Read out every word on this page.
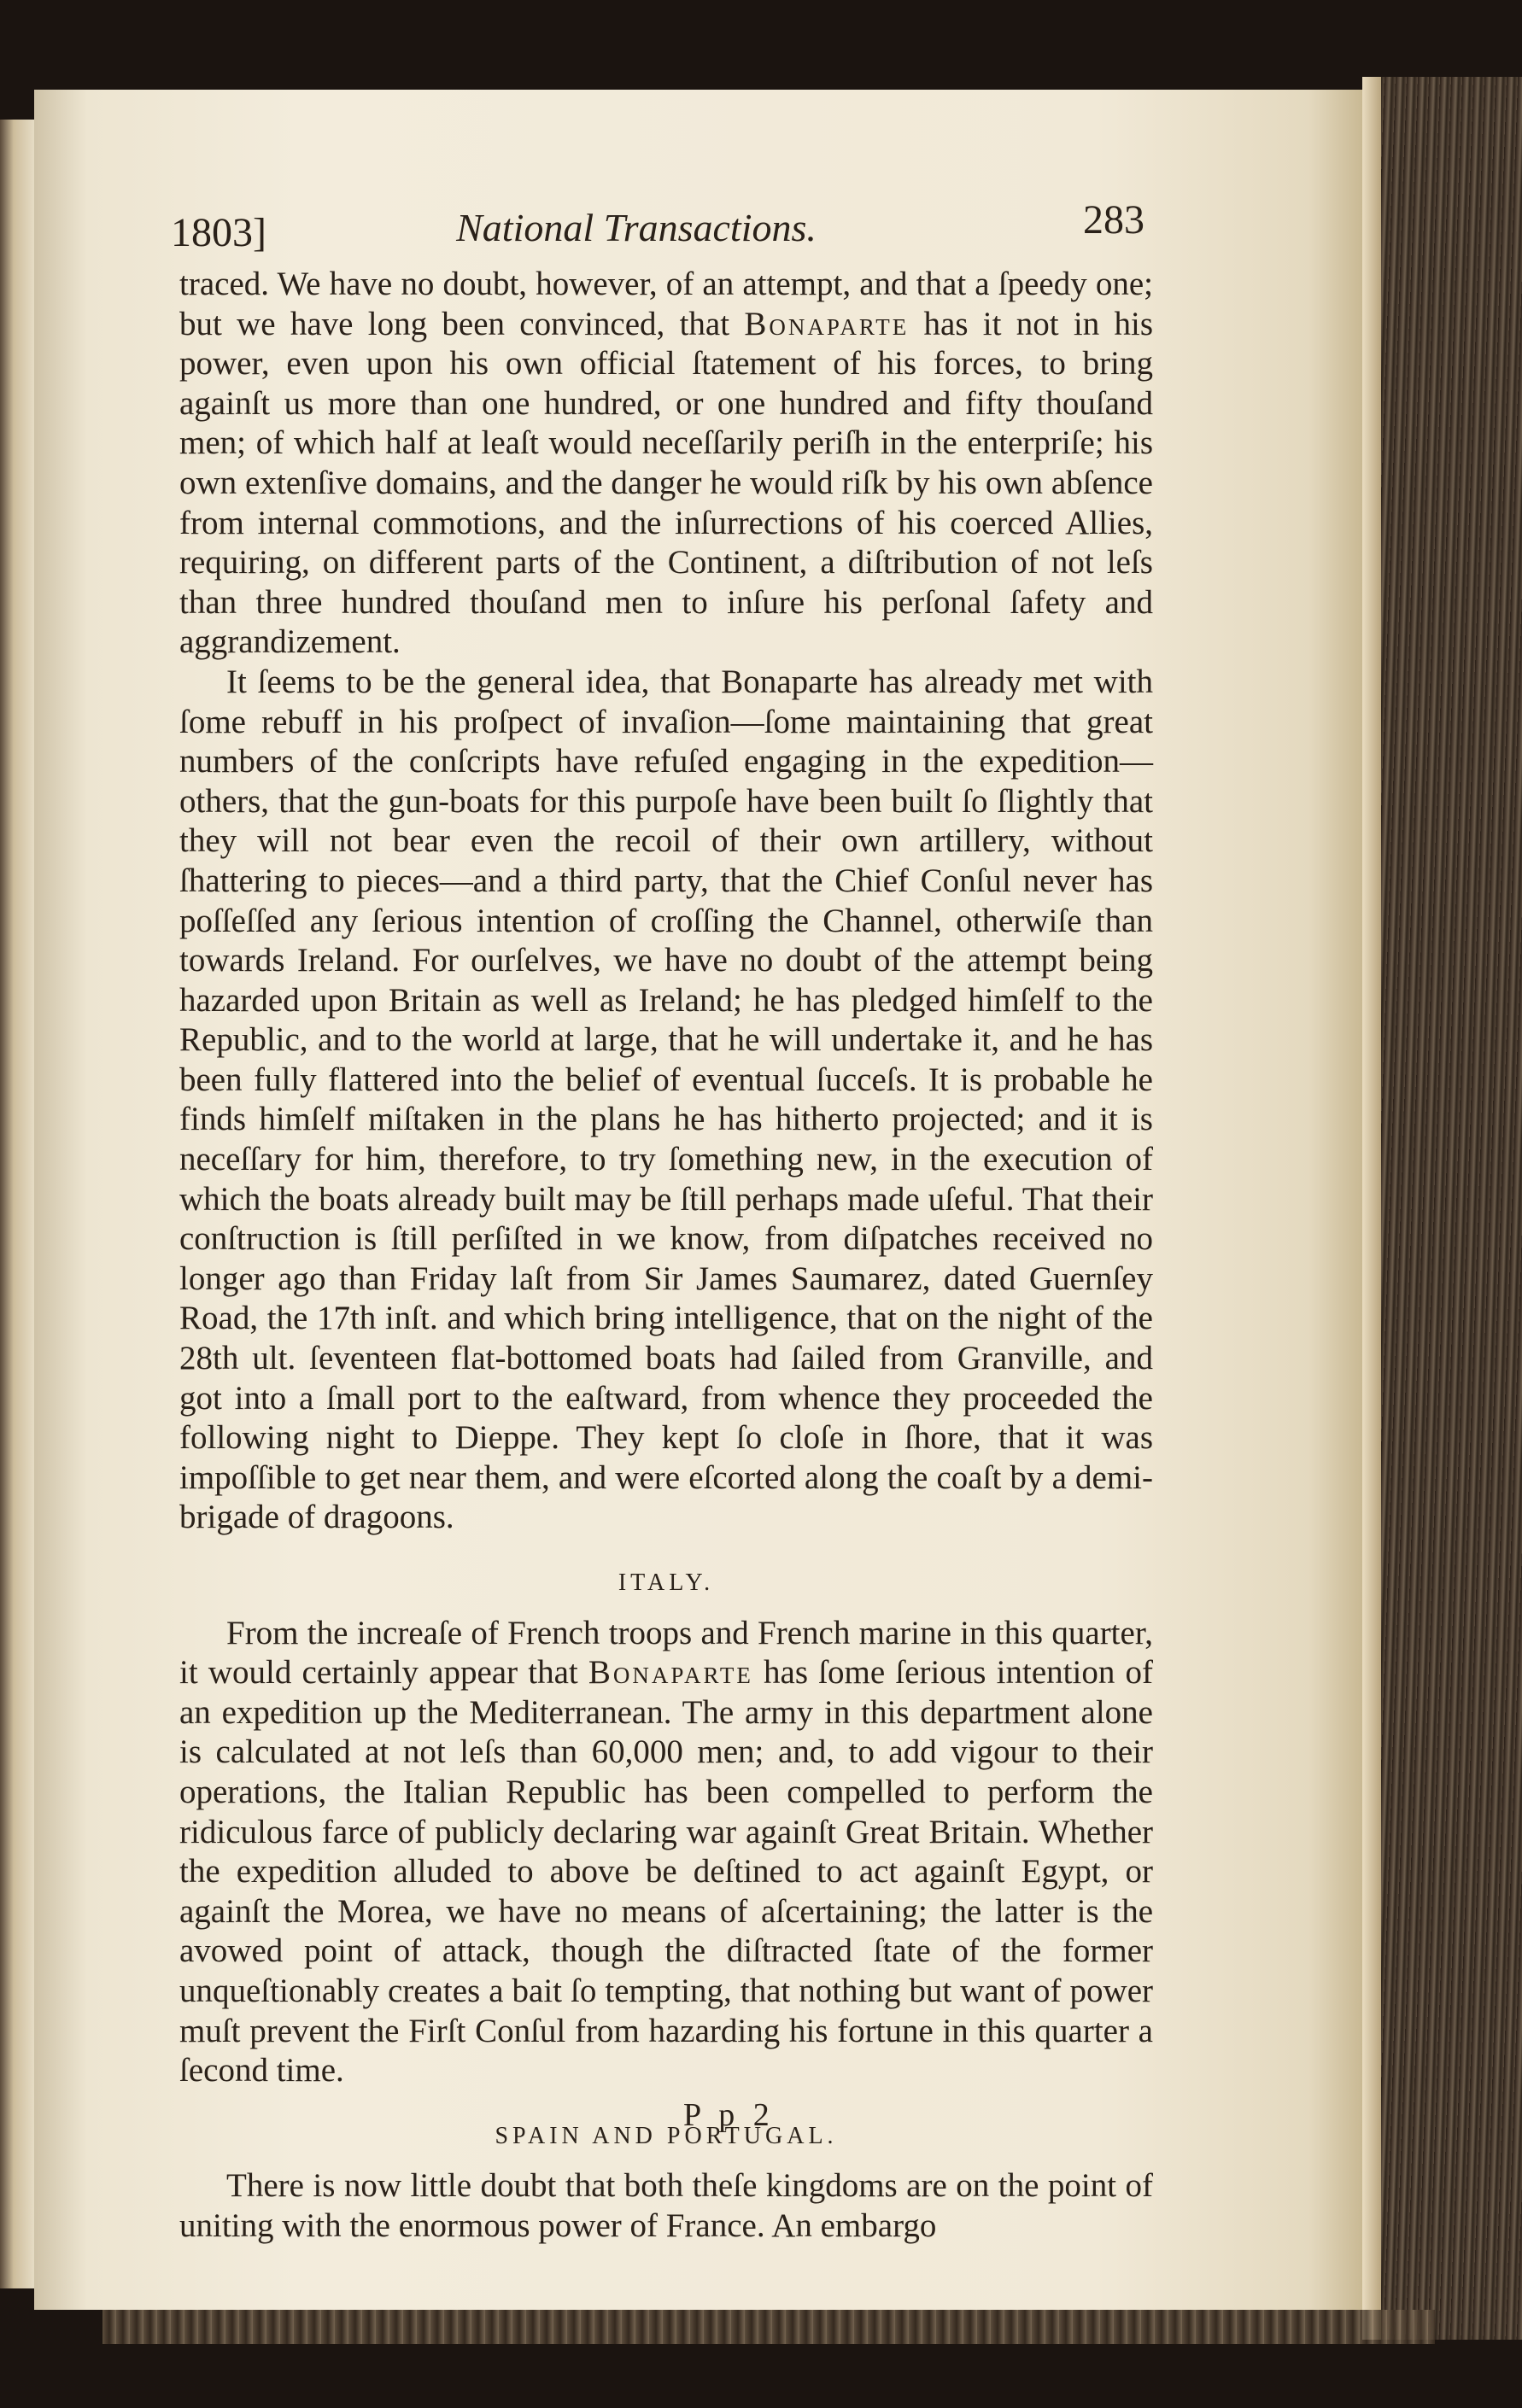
1803]	National Transactions.	283

traced. We have no doubt, however, of an attempt, and that a ſpeedy one; but we have long been convinced, that Bonaparte has it not in his power, even upon his own official ſtatement of his forces, to bring againſt us more than one hundred, or one hundred and fifty thouſand men; of which half at leaſt would neceſſarily periſh in the enterpriſe; his own extenſive domains, and the danger he would riſk by his own abſence from internal commotions, and the inſurrections of his coerced Allies, requiring, on different parts of the Continent, a diſtribution of not leſs than three hundred thouſand men to inſure his perſonal ſafety and aggrandizement.

It ſeems to be the general idea, that Bonaparte has already met with ſome rebuff in his proſpect of invaſion—ſome maintaining that great numbers of the conſcripts have refuſed engaging in the expedition—others, that the gun-boats for this purpoſe have been built ſo ſlightly that they will not bear even the recoil of their own artillery, without ſhattering to pieces—and a third party, that the Chief Conſul never has poſſeſſed any ſerious intention of croſſing the Channel, otherwiſe than towards Ireland. For ourſelves, we have no doubt of the attempt being hazarded upon Britain as well as Ireland; he has pledged himſelf to the Republic, and to the world at large, that he will undertake it, and he has been fully flattered into the belief of eventual ſucceſs. It is probable he finds himſelf miſtaken in the plans he has hitherto projected; and it is neceſſary for him, therefore, to try ſomething new, in the execution of which the boats already built may be ſtill perhaps made uſeful. That their conſtruction is ſtill perſiſted in we know, from diſpatches received no longer ago than Friday laſt from Sir James Saumarez, dated Guernſey Road, the 17th inſt. and which bring intelligence, that on the night of the 28th ult. ſeventeen flat-bottomed boats had ſailed from Granville, and got into a ſmall port to the eaſtward, from whence they proceeded the following night to Dieppe. They kept ſo cloſe in ſhore, that it was impoſſible to get near them, and were eſcorted along the coaſt by a demi-brigade of dragoons.

ITALY.

From the increaſe of French troops and French marine in this quarter, it would certainly appear that Bonaparte has ſome ſerious intention of an expedition up the Mediterranean. The army in this department alone is calculated at not leſs than 60,000 men; and, to add vigour to their operations, the Italian Republic has been compelled to perform the ridiculous farce of publicly declaring war againſt Great Britain. Whether the expedition alluded to above be deſtined to act againſt Egypt, or againſt the Morea, we have no means of aſcertaining; the latter is the avowed point of attack, though the diſtracted ſtate of the former unqueſtionably creates a bait ſo tempting, that nothing but want of power muſt prevent the Firſt Conſul from hazarding his fortune in this quarter a ſecond time.

SPAIN AND PORTUGAL.

There is now little doubt that both theſe kingdoms are on the point of uniting with the enormous power of France. An embargo

P p 2
